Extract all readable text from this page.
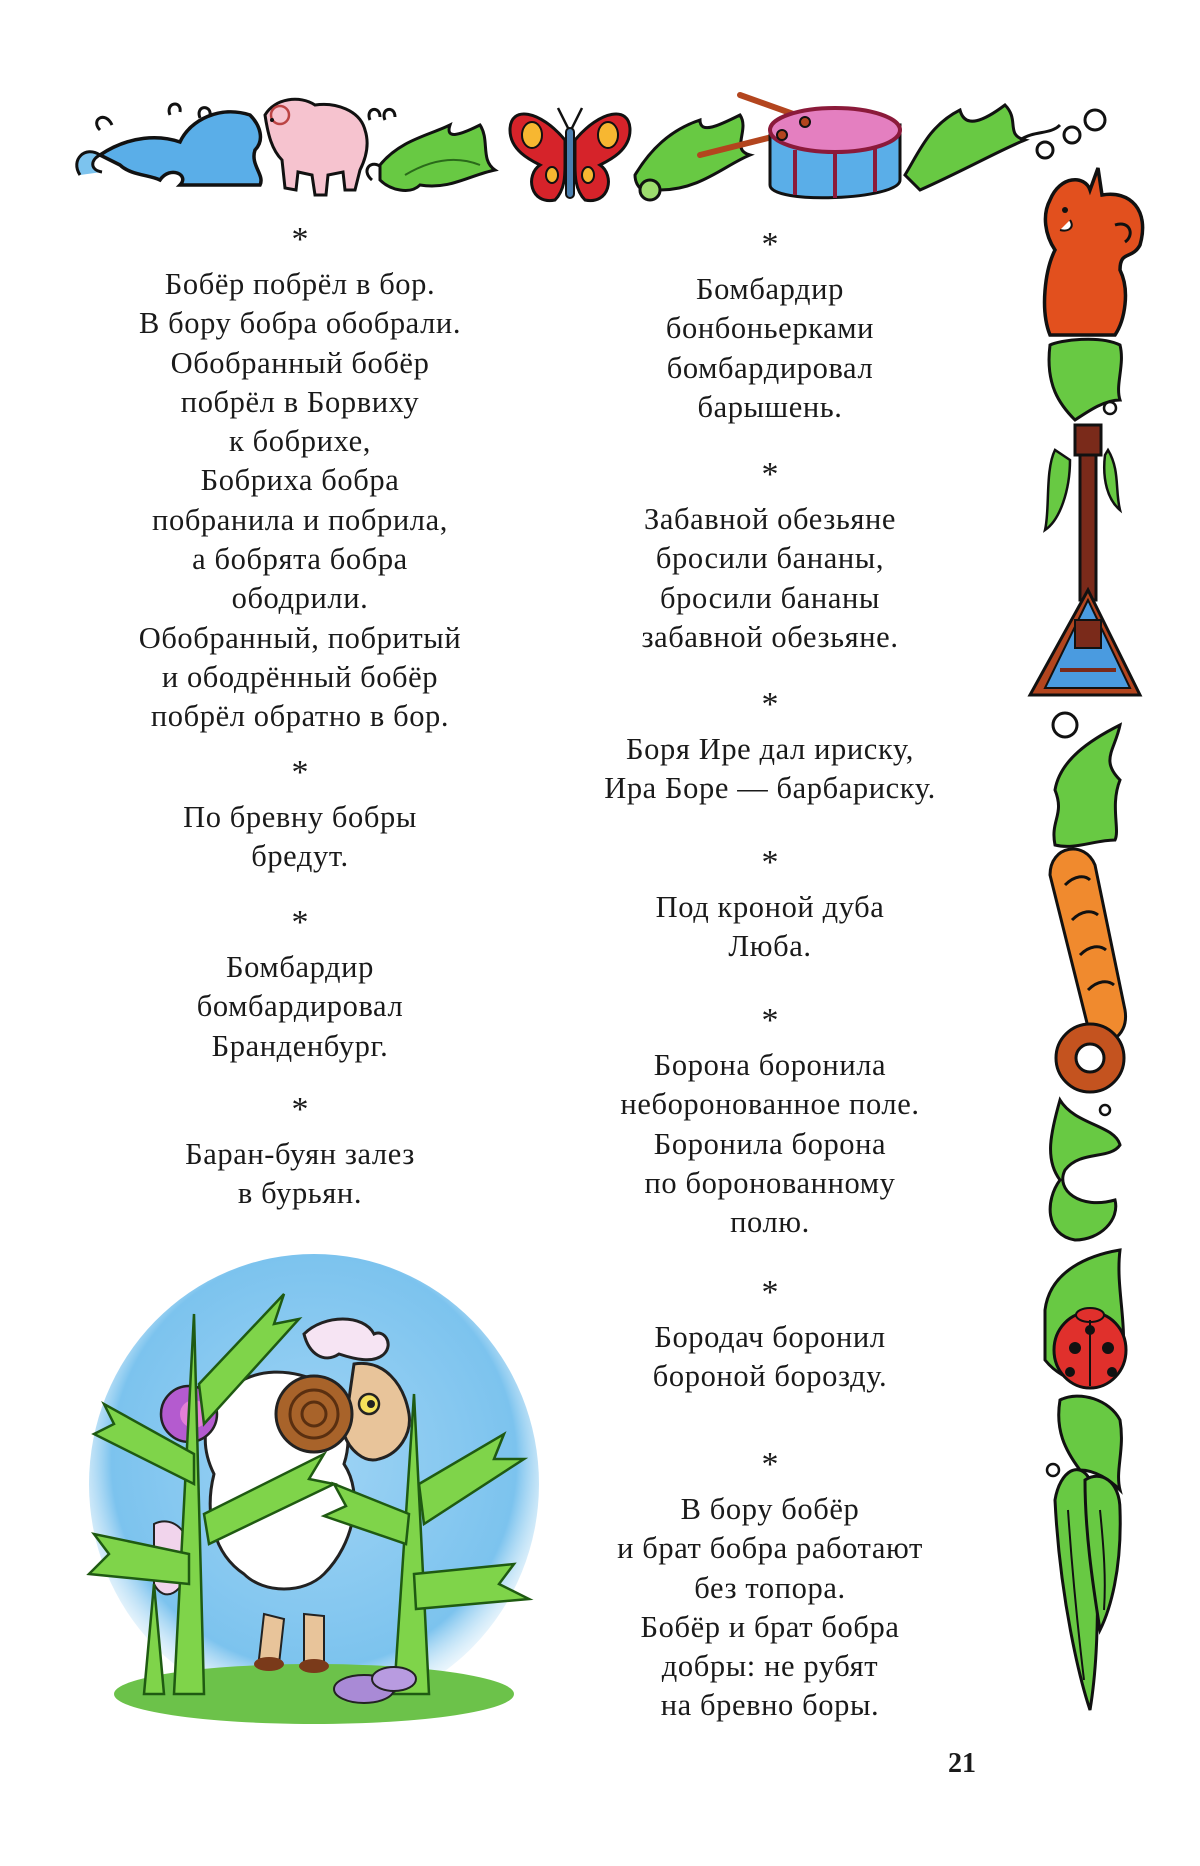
*
Бобёр побрёл в бор.
В бору бобра обобрали.
Обобранный бобёр
побрёл в Борвиху
к бобрихе,
Бобриха бобра
побранила и побрила,
а бобрята бобра
ободрили.
Обобранный, побритый
и ободрённый бобёр
побрёл обратно в бор.
*
По бревну бобры
бредут.
*
Бомбардир
бомбардировал
Бранденбург.
*
Баран-буян залез
в бурьян.
*
Бомбардир
бонбоньерками
бомбардировал
барышень.
*
Забавной обезьяне
бросили бананы,
бросили бананы
забавной обезьяне.
*
Боря Ире дал ириску,
Ира Боре — барбариску.
*
Под кроной дуба
Люба.
*
Борона боронила
неборонованное поле.
Боронила борона
по боронованному
полю.
*
Бородач боронил
бороной борозду.
*
В бору бобёр
и брат бобра работают
без топора.
Бобёр и брат бобра
добры: не рубят
на бревно боры.
21
